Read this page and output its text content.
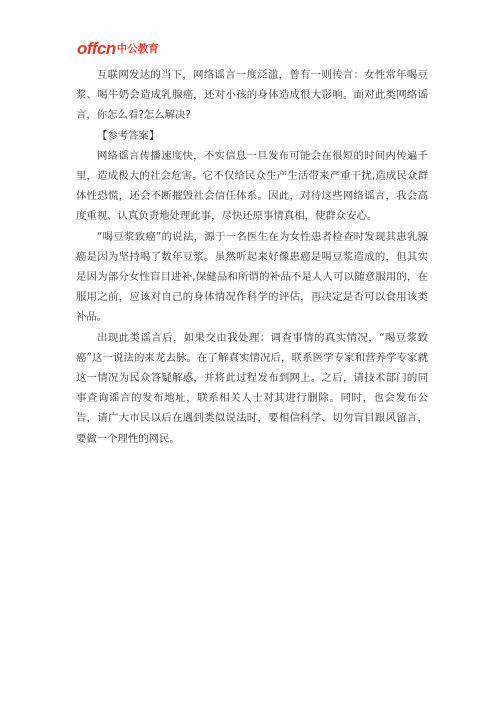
offcn 中公教育

互联网发达的当下，网络谣言一度泛滥，曾有一则传言：女性常年喝豆浆、喝牛奶会造成乳腺癌，还对小孩的身体造成很大影响。面对此类网络谣言，你怎么看?怎么解决?

【参考答案】

网络谣言传播速度快，不实信息一旦发布可能会在很短的时间内传遍千里，造成极大的社会危害。它不仅给民众生产生活带来严重干扰,造成民众群体性恐慌，还会不断摧毁社会信任体系。因此，对待这些网络谣言，我会高度重视、认真负责地处理此事，尽快还原事情真相，使群众安心。

“喝豆浆致癌”的说法，源于一名医生在为女性患者检查时发现其患乳腺癌是因为坚持喝了数年豆浆。虽然听起来好像患癌是喝豆浆造成的，但其实是因为部分女性盲目进补,保健品和所谓的补品不是人人可以随意服用的，在服用之前，应该对自己的身体情况作科学的评估，再决定是否可以食用该类补品。

出现此类谣言后，如果交由我处理：调查事情的真实情况，“喝豆浆致癌”这一说法的来龙去脉。在了解真实情况后，联系医学专家和营养学专家就这一情况为民众答疑解惑，并将此过程发布到网上。之后，请技术部门的同事查询谣言的发布地址，联系相关人士对其进行删除。同时，也会发布公告，请广大市民以后在遇到类似说法时，要相信科学、切勿盲目跟风留言，要做一个理性的网民。
